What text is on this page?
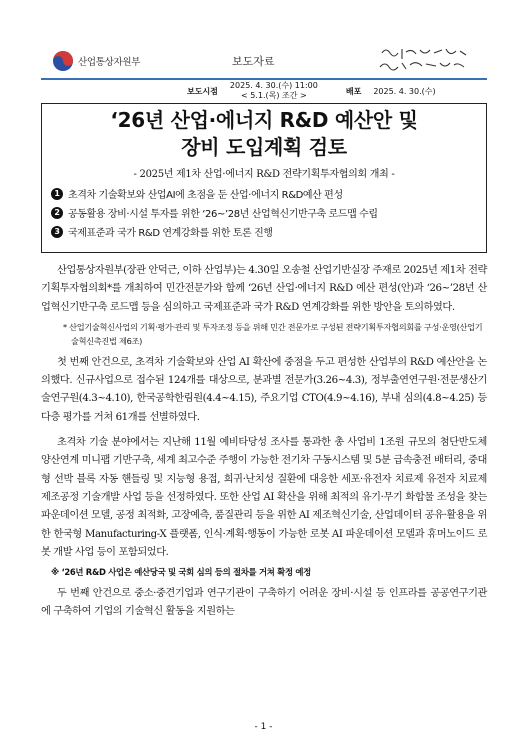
산업통상자원부	보도자료
보도시점
2025. 4. 30.(수) 11:00
< 5.1.(목) 조간 >	배포 2025. 4. 30.(수)
‘26년 산업·에너지 R&D 예산안 및
장비 도입계획 검토
- 2025년 제1차 산업·에너지 R&D 전략기획투자협의회 개최 -
1 초격차 기술확보와 산업AI에 초점을 둔 산업·에너지 R&D예산 편성
2 공동활용 장비·시설 투자를 위한 ‘26~’28년 산업혁신기반구축 로드맵 수립
3 국제표준과 국가 R&D 연계강화를 위한 토론 진행

산업통상자원부(장관 안덕근, 이하 산업부)는 4.30일 오송철 산업기반실장 주재로 2025년 제1차 전략기획투자협의회*를 개최하여 민간전문가와 함께 ‘26년 산업·에너지 R&D 예산 편성(안)과 ‘26~’28년 산업혁신기반구축 로드맵 등을 심의하고 국제표준과 국가 R&D 연계강화를 위한 방안을 토의하였다.

* 산업기술혁신사업의 기획·평가·관리 및 투자조정 등을 위해 민간 전문가로 구성된 전략기획투자협의회를 구성·운영(산업기술혁신촉진법 제6조)

첫 번째 안건으로, 초격차 기술확보와 산업 AI 확산에 중점을 두고 편성한 산업부의 R&D 예산안을 논의했다. 신규사업으로 접수된 124개를 대상으로, 분과별 전문가(3.26~4.3), 정부출연연구원·전문생산기술연구원(4.3~4.10), 한국공학한림원(4.4~4.15), 주요기업 CTO(4.9~4.16), 부내 심의(4.8~4.25) 등 다층 평가를 거쳐 61개를 선별하였다.

초격차 기술 분야에서는 지난해 11월 예비타당성 조사를 통과한 총 사업비 1조원 규모의 첨단반도체 양산연계 미니팹 기반구축, 세계 최고수준 주행이 가능한 전기차 구동시스템 및 5분 급속충전 배터리, 중대형 선박 블록 자동 핸들링 및 지능형 용접, 희귀·난치성 질환에 대응한 세포·유전자 치료제 유전자 치료제 제조공정 기술개발 사업 등을 선정하였다. 또한 산업 AI 확산을 위해 최적의 유기·무기 화합물 조성을 찾는 파운데이션 모델, 공정 최적화, 고장예측, 품질관리 등을 위한 AI 제조혁신기술, 산업데이터 공유·활용을 위한 한국형 Manufacturing-X 플랫폼, 인식·계획·행동이 가능한 로봇 AI 파운데이션 모델과 휴머노이드 로봇 개발 사업 등이 포함되었다.

※ ‘26년 R&D 사업은 예산당국 및 국회 심의 등의 절차를 거쳐 확정 예정

두 번째 안건으로 중소·중견기업과 연구기관이 구축하기 어려운 장비·시설 등 인프라를 공공연구기관에 구축하여 기업의 기술혁신 활동을 지원하는

- 1 -
